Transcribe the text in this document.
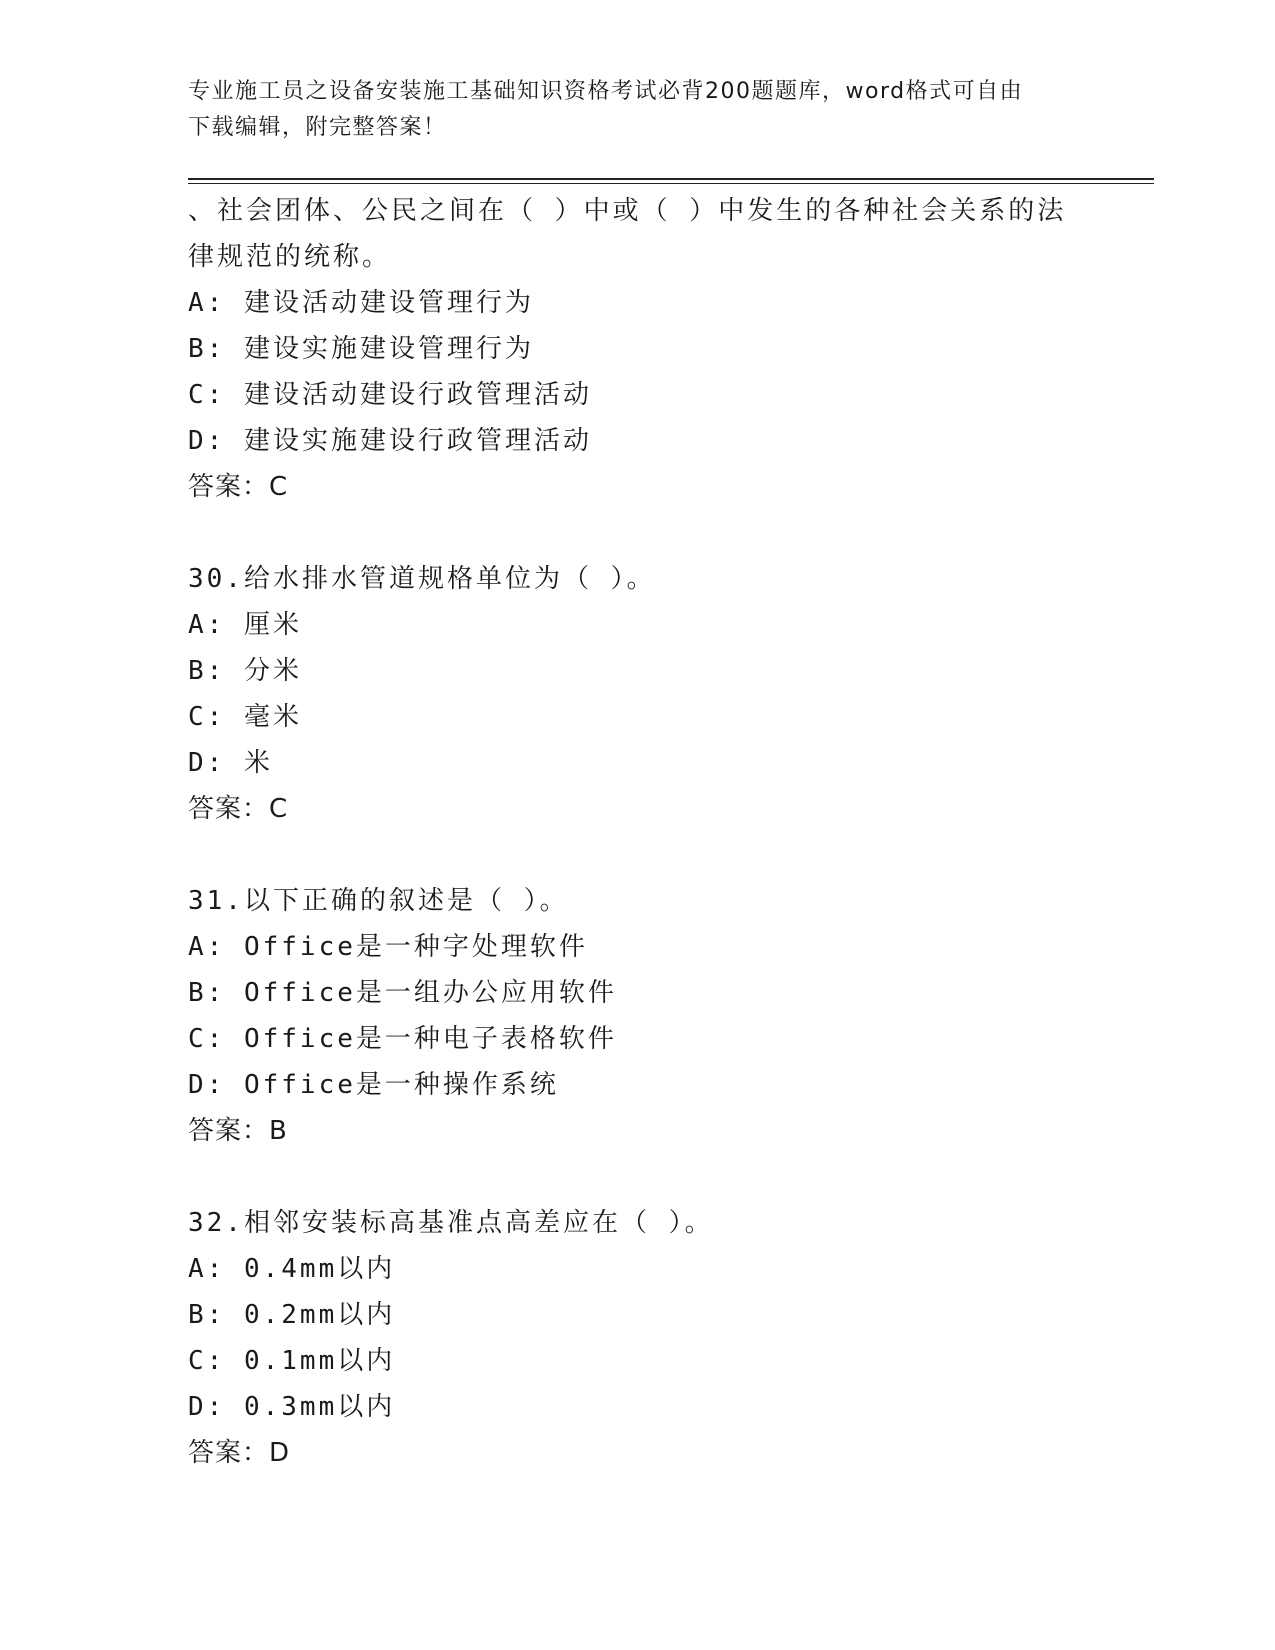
专业施工员之设备安装施工基础知识资格考试必背200题题库，word格式可自由
下载编辑，附完整答案！
、社会团体、公民之间在（ ）中或（ ）中发生的各种社会关系的法
律规范的统称。
A: 建设活动建设管理行为
B: 建设实施建设管理行为
C: 建设活动建设行政管理活动
D: 建设实施建设行政管理活动
答案：C
30.给水排水管道规格单位为（ ）。
A: 厘米
B: 分米
C: 毫米
D: 米
答案：C
31.以下正确的叙述是（ ）。
A: Office是一种字处理软件
B: Office是一组办公应用软件
C: Office是一种电子表格软件
D: Office是一种操作系统
答案：B
32.相邻安装标高基准点高差应在（ ）。
A: 0.4mm以内
B: 0.2mm以内
C: 0.1mm以内
D: 0.3mm以内
答案：D
